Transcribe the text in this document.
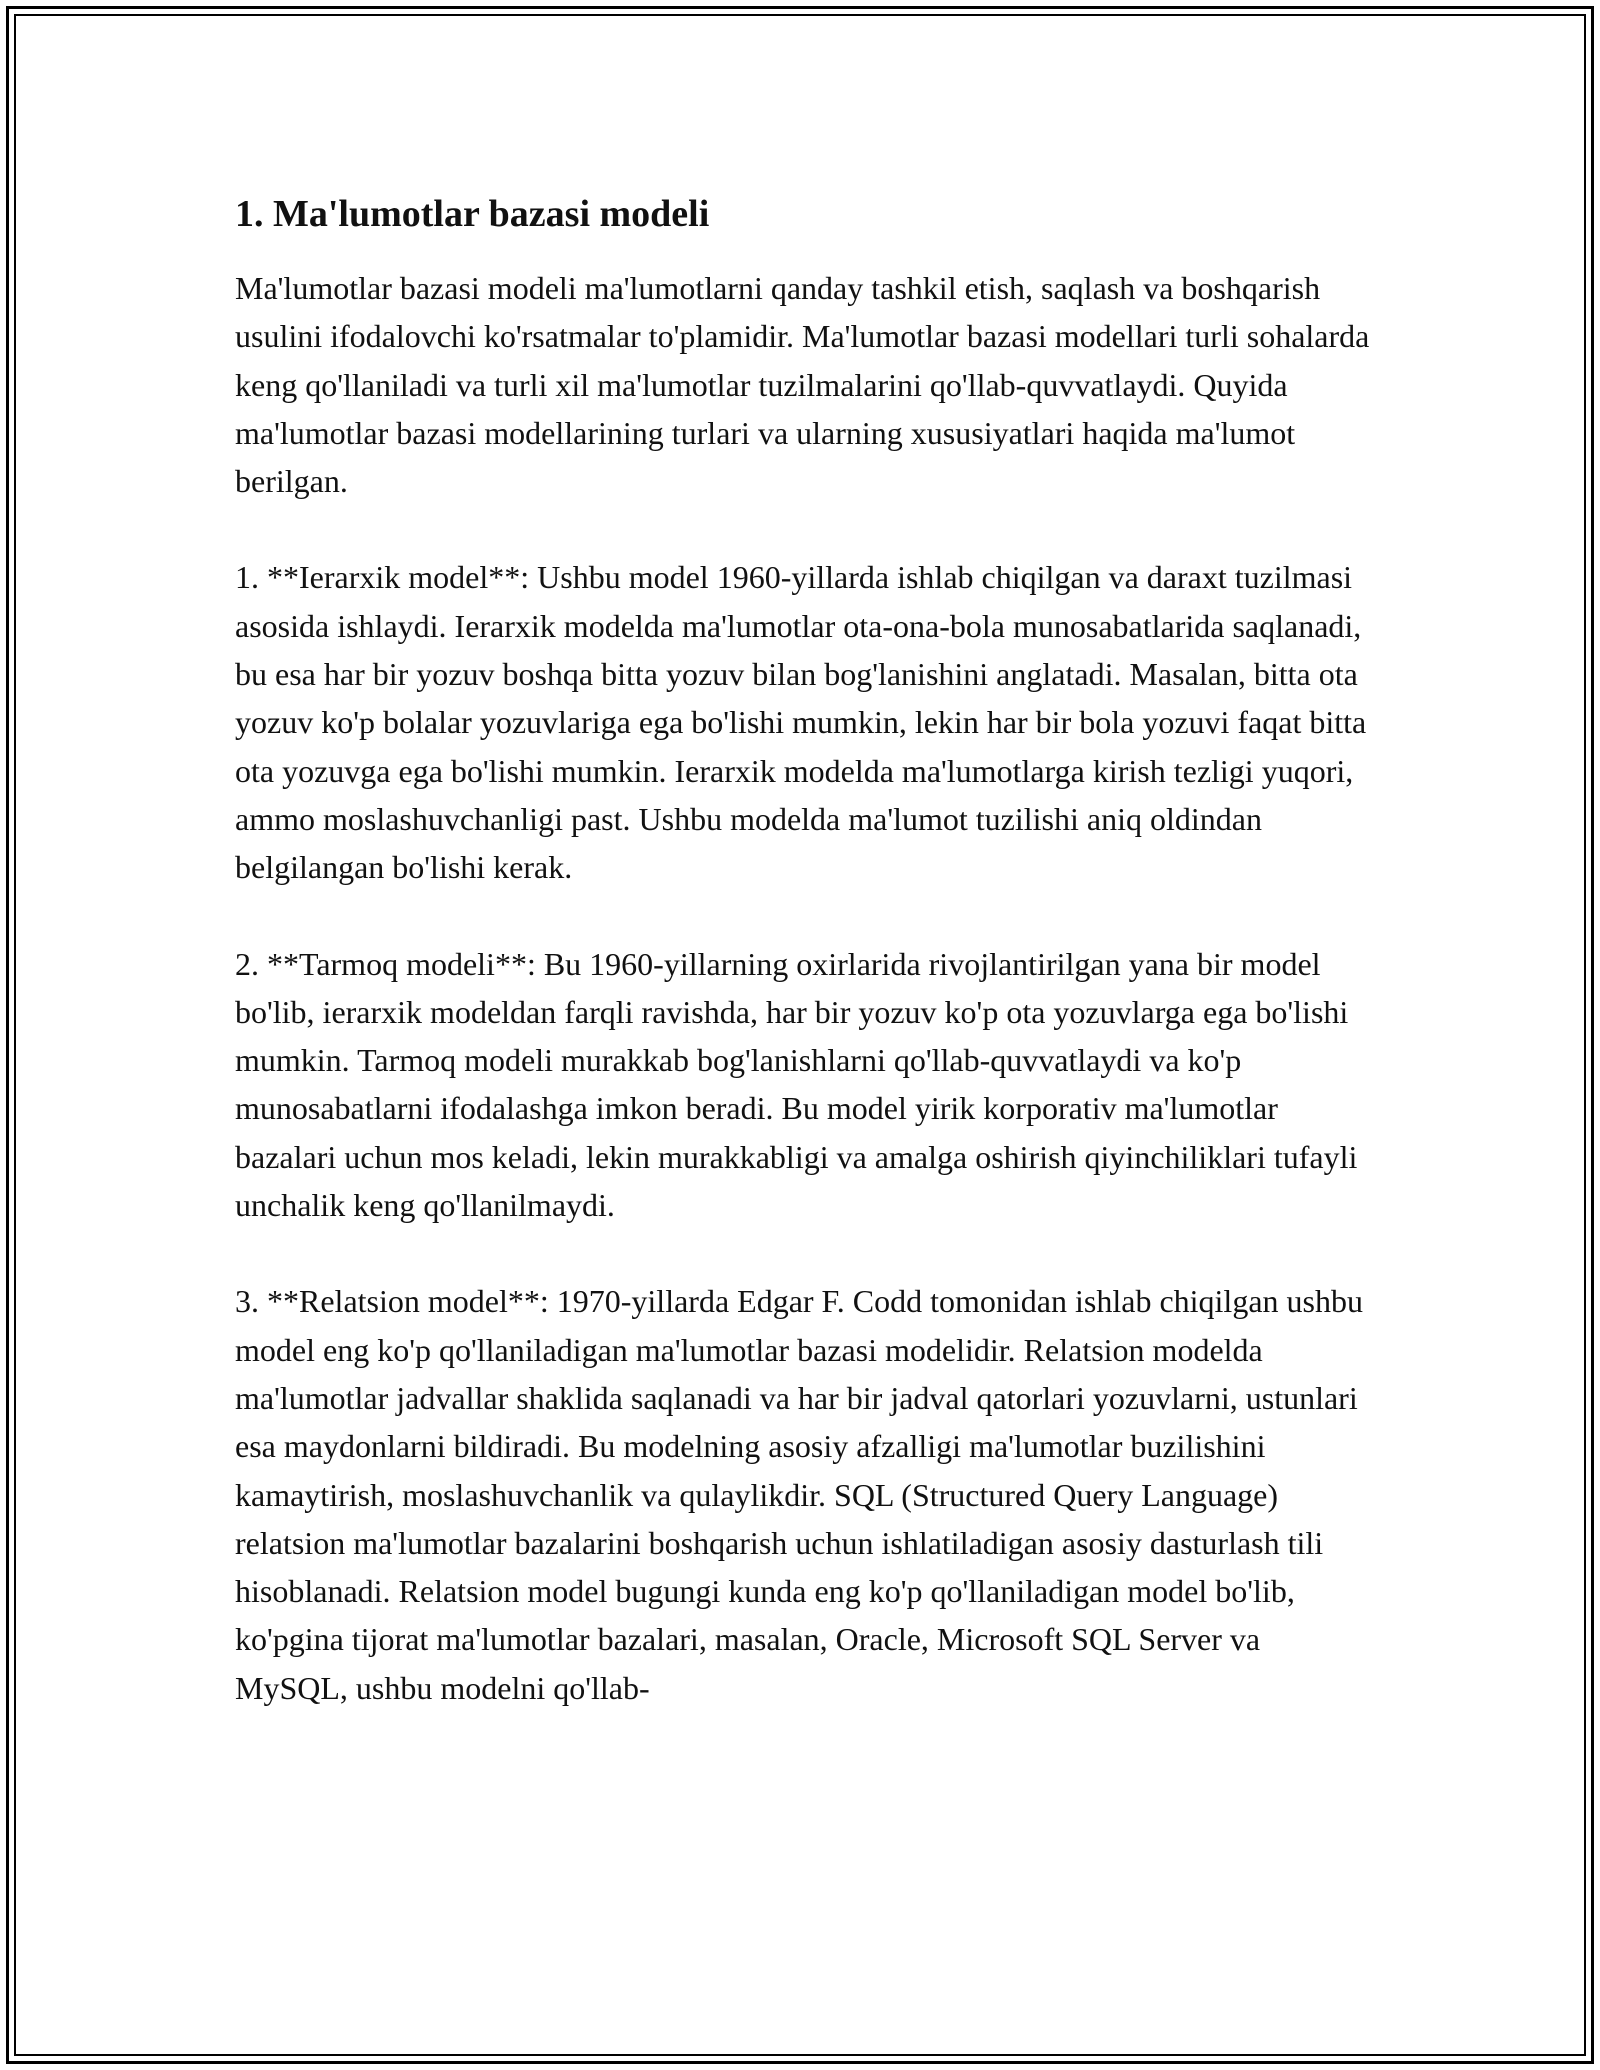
1. Ma'lumotlar bazasi modeli

Ma'lumotlar bazasi modeli ma'lumotlarni qanday tashkil etish, saqlash va boshqarish usulini ifodalovchi ko'rsatmalar to'plamidir. Ma'lumotlar bazasi modellari turli sohalarda keng qo'llaniladi va turli xil ma'lumotlar tuzilmalarini qo'llab-quvvatlaydi. Quyida ma'lumotlar bazasi modellarining turlari va ularning xususiyatlari haqida ma'lumot berilgan.

1. **Ierarxik model**: Ushbu model 1960-yillarda ishlab chiqilgan va daraxt tuzilmasi asosida ishlaydi. Ierarxik modelda ma'lumotlar ota-ona-bola munosabatlarida saqlanadi, bu esa har bir yozuv boshqa bitta yozuv bilan bog'lanishini anglatadi. Masalan, bitta ota yozuv ko'p bolalar yozuvlariga ega bo'lishi mumkin, lekin har bir bola yozuvi faqat bitta ota yozuvga ega bo'lishi mumkin. Ierarxik modelda ma'lumotlarga kirish tezligi yuqori, ammo moslashuvchanligi past. Ushbu modelda ma'lumot tuzilishi aniq oldindan belgilangan bo'lishi kerak.

2. **Tarmoq modeli**: Bu 1960-yillarning oxirlarida rivojlantirilgan yana bir model bo'lib, ierarxik modeldan farqli ravishda, har bir yozuv ko'p ota yozuvlarga ega bo'lishi mumkin. Tarmoq modeli murakkab bog'lanishlarni qo'llab-quvvatlaydi va ko'p munosabatlarni ifodalashga imkon beradi. Bu model yirik korporativ ma'lumotlar bazalari uchun mos keladi, lekin murakkabligi va amalga oshirish qiyinchiliklari tufayli unchalik keng qo'llanilmaydi.

3. **Relatsion model**: 1970-yillarda Edgar F. Codd tomonidan ishlab chiqilgan ushbu model eng ko'p qo'llaniladigan ma'lumotlar bazasi modelidir. Relatsion modelda ma'lumotlar jadvallar shaklida saqlanadi va har bir jadval qatorlari yozuvlarni, ustunlari esa maydonlarni bildiradi. Bu modelning asosiy afzalligi ma'lumotlar buzilishini kamaytirish, moslashuvchanlik va qulaylikdir. SQL (Structured Query Language) relatsion ma'lumotlar bazalarini boshqarish uchun ishlatiladigan asosiy dasturlash tili hisoblanadi. Relatsion model bugungi kunda eng ko'p qo'llaniladigan model bo'lib, ko'pgina tijorat ma'lumotlar bazalari, masalan, Oracle, Microsoft SQL Server va MySQL, ushbu modelni qo'llab-
